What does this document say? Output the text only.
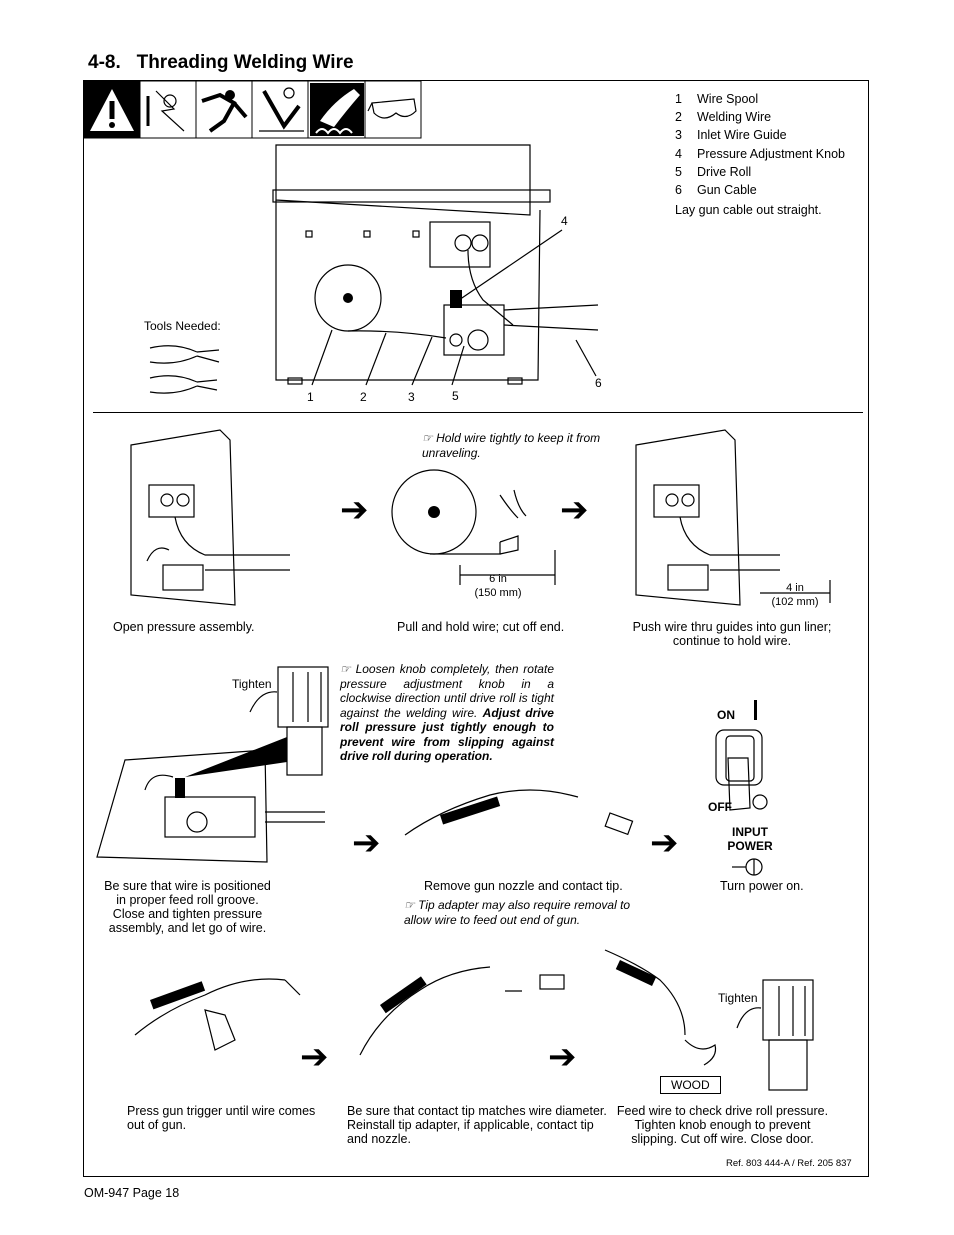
4-8. Threading Welding Wire
1	Wire Spool
2	Welding Wire
3	Inlet Wire Guide
4	Pressure Adjustment Knob
5	Drive Roll
6	Gun Cable
Lay gun cable out straight.
1	2	3
4
5
6
Tools Needed:
Open pressure assembly.
➔
☞ Hold wire tightly to keep it from unraveling.
6 in
(150 mm)
Pull and hold wire; cut off end.
➔
4 in
(102 mm)
Push wire thru guides into gun liner; continue to hold wire.
Tighten
Be sure that wire is positioned in proper feed roll groove. Close and tighten pressure assembly, and let go of wire.
☞ Loosen knob completely, then rotate pressure adjustment knob in a clockwise direction until drive roll is tight against the welding wire. Adjust drive roll pressure just tightly enough to prevent wire from slipping against drive roll during operation.
➔
Remove gun nozzle and contact tip.
☞ Tip adapter may also require removal to allow wire to feed out end of gun.
➔
ON
OFF
INPUT POWER
Turn power on.
Press gun trigger until wire comes out of gun.
➔
Be sure that contact tip matches wire diameter. Reinstall tip adapter, if applicable, contact tip and nozzle.
➔
WOOD
Tighten
Feed wire to check drive roll pressure. Tighten knob enough to prevent slipping. Cut off wire. Close door.
Ref. 803 444-A / Ref. 205 837
OM-947 Page 18
